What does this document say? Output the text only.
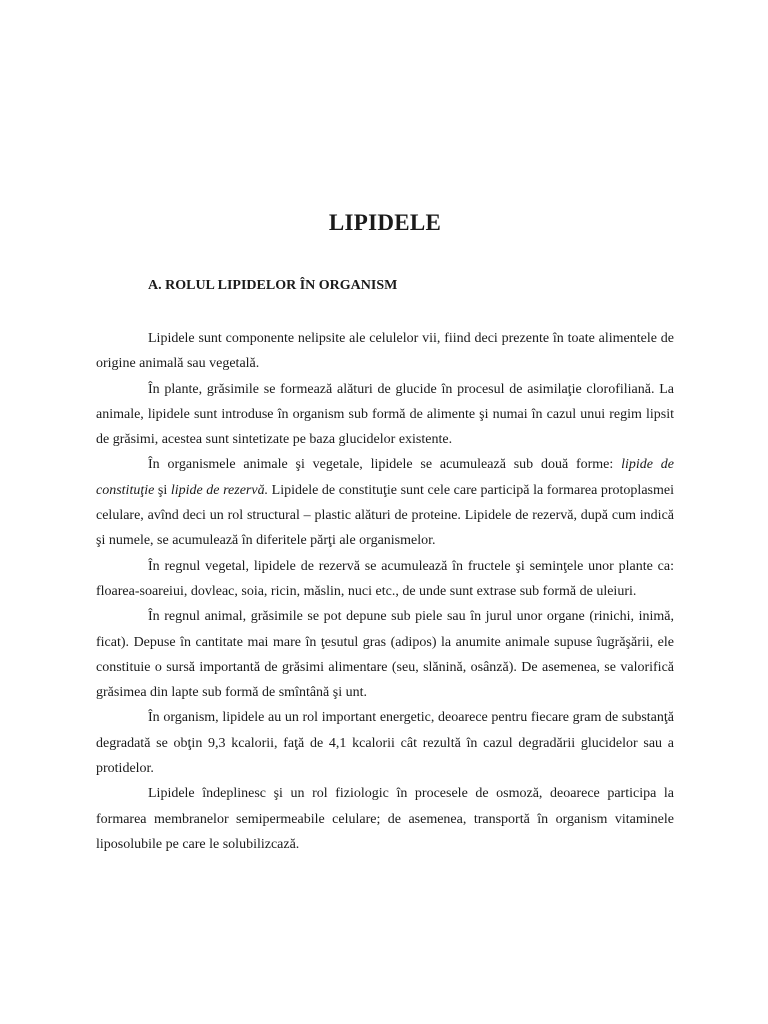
LIPIDELE
A. ROLUL LIPIDELOR ÎN ORGANISM

Lipidele sunt componente nelipsite ale celulelor vii, fiind deci prezente în toate alimentele de origine animală sau vegetală.

În plante, grăsimile se formează alături de glucide în procesul de asimilaţie clorofiliană. La animale, lipidele sunt introduse în organism sub formă de alimente şi numai în cazul unui regim lipsit de grăsimi, acestea sunt sintetizate pe baza glucidelor existente.

În organismele animale şi vegetale, lipidele se acumulează sub două forme: lipide de constituţie şi lipide de rezervă. Lipidele de constituţie sunt cele care participă la formarea protoplasmei celulare, avînd deci un rol structural – plastic alături de proteine. Lipidele de rezervă, după cum indică şi numele, se acumulează în diferitele părţi ale organismelor.

În regnul vegetal, lipidele de rezervă se acumulează în fructele şi seminţele unor plante ca: floarea-soareiui, dovleac, soia, ricin, măslin, nuci etc., de unde sunt extrase sub formă de uleiuri.

În regnul animal, grăsimile se pot depune sub piele sau în jurul unor organe (rinichi, inimă, ficat). Depuse în cantitate mai mare în ţesutul gras (adipos) la anumite animale supuse îugrăşării, ele constituie o sursă importantă de grăsimi alimentare (seu, slănină, osânză). De asemenea, se valorifică grăsimea din lapte sub formă de smîntână şi unt.

În organism, lipidele au un rol important energetic, deoarece pentru fiecare gram de substanţă degradată se obţin 9,3 kcalorii, faţă de 4,1 kcalorii cât rezultă în cazul degradării glucidelor sau a protidelor.

Lipidele îndeplinesc şi un rol fiziologic în procesele de osmoză, deoarece participa la formarea membranelor semipermeabile celulare; de asemenea, transportă în organism vitaminele liposolubile pe care le solubilizcază.
